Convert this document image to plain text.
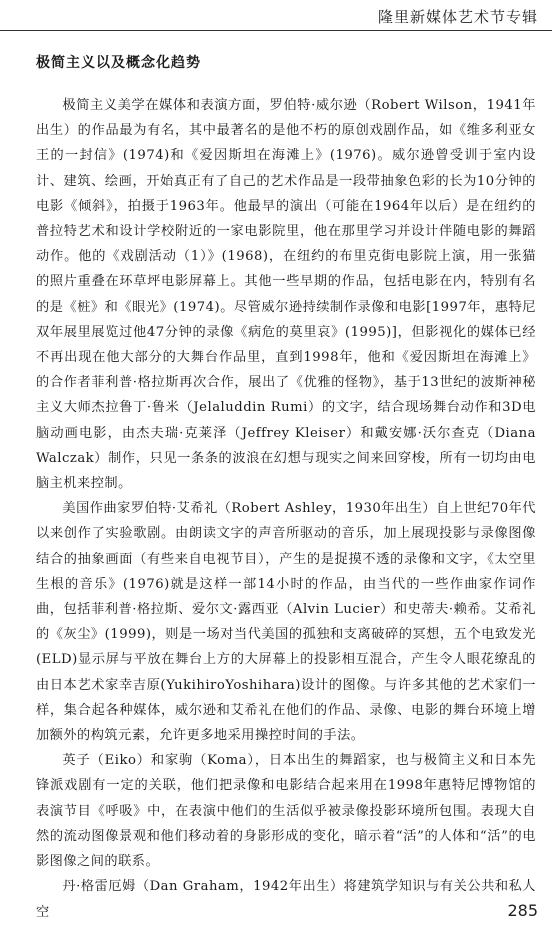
隆里新媒体艺术节专辑
极简主义以及概念化趋势

极简主义美学在媒体和表演方面，罗伯特·威尔逊（Robert Wilson，1941年出生）的作品最为有名，其中最著名的是他不朽的原创戏剧作品，如《维多利亚女王的一封信》(1974)和《爱因斯坦在海滩上》(1976)。威尔逊曾受训于室内设计、建筑、绘画，开始真正有了自己的艺术作品是一段带抽象色彩的长为10分钟的电影《倾斜》，拍摄于1963年。他最早的演出（可能在1964年以后）是在纽约的普拉特艺术和设计学校附近的一家电影院里，他在那里学习并设计伴随电影的舞蹈动作。他的《戏剧活动（1）》(1968)，在纽约的布里克街电影院上演，用一张猫的照片重叠在环草坪电影屏幕上。其他一些早期的作品，包括电影在内，特别有名的是《桩》和《眼光》(1974)。尽管威尔逊持续制作录像和电影[1997年，惠特尼双年展里展览过他47分钟的录像《病危的莫里哀》(1995)]，但影视化的媒体已经不再出现在他大部分的大舞台作品里，直到1998年，他和《爱因斯坦在海滩上》的合作者菲利普·格拉斯再次合作，展出了《优雅的怪物》，基于13世纪的波斯神秘主义大师杰拉鲁丁·鲁米（Jelaluddin Rumi）的文字，结合现场舞台动作和3D电脑动画电影，由杰夫瑞·克莱泽（Jeffrey Kleiser）和戴安娜·沃尔查克（Diana Walczak）制作，只见一条条的波浪在幻想与现实之间来回穿梭，所有一切均由电脑主机来控制。

美国作曲家罗伯特·艾希礼（Robert Ashley，1930年出生）自上世纪70年代以来创作了实验歌剧。由朗读文字的声音所驱动的音乐，加上展现投影与录像图像结合的抽象画面（有些来自电视节目），产生的是捉摸不透的录像和文字，《太空里生根的音乐》(1976)就是这样一部14小时的作品，由当代的一些作曲家作词作曲，包括菲利普·格拉斯、爱尔文·露西亚（Alvin Lucier）和史蒂夫·赖希。艾希礼的《灰尘》(1999)，则是一场对当代美国的孤独和支离破碎的冥想，五个电致发光(ELD)显示屏与平放在舞台上方的大屏幕上的投影相互混合，产生令人眼花缭乱的由日本艺术家幸吉原(YukihiroYoshihara)设计的图像。与许多其他的艺术家们一样，集合起各种媒体，威尔逊和艾希礼在他们的作品、录像、电影的舞台环境上增加额外的构筑元素，允许更多地采用操控时间的手法。

英子（Eiko）和家驹（Koma），日本出生的舞蹈家，也与极简主义和日本先锋派戏剧有一定的关联，他们把录像和电影结合起来用在1998年惠特尼博物馆的表演节目《呼吸》中，在表演中他们的生活似乎被录像投影环境所包围。表现大自然的流动图像景观和他们移动着的身影形成的变化，暗示着“活”的人体和“活”的电影图像之间的联系。

丹·格雷厄姆（Dan Graham，1942年出生）将建筑学知识与有关公共和私人空	285
